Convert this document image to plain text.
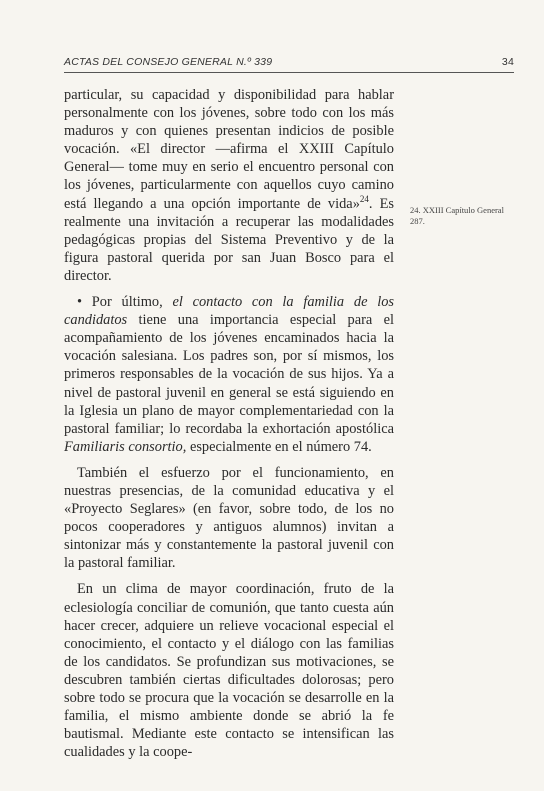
ACTAS DEL CONSEJO GENERAL N.º 339	34

particular, su capacidad y disponibilidad para hablar personalmente con los jóvenes, sobre todo con los más maduros y con quienes presentan indicios de posible vocación. «El director —afirma el XXIII Capítulo General— tome muy en serio el encuentro personal con los jóvenes, particularmente con aquellos cuyo camino está llegando a una opción importante de vida»$^{24}$. Es realmente una invitación a recuperar las modalidades pedagógicas propias del Sistema Preventivo y de la figura pastoral querida por san Juan Bosco para el director.

• Por último, el contacto con la familia de los candidatos tiene una importancia especial para el acompañamiento de los jóvenes encaminados hacia la vocación salesiana. Los padres son, por sí mismos, los primeros responsables de la vocación de sus hijos. Ya a nivel de pastoral juvenil en general se está siguiendo en la Iglesia un plano de mayor complementariedad con la pastoral familiar; lo recordaba la exhortación apostólica Familiaris consortio, especialmente en el número 74.

También el esfuerzo por el funcionamiento, en nuestras presencias, de la comunidad educativa y el «Proyecto Seglares» (en favor, sobre todo, de los no pocos cooperadores y antiguos alumnos) invitan a sintonizar más y constantemente la pastoral juvenil con la pastoral familiar.

En un clima de mayor coordinación, fruto de la eclesiología conciliar de comunión, que tanto cuesta aún hacer crecer, adquiere un relieve vocacional especial el conocimiento, el contacto y el diálogo con las familias de los candidatos. Se profundizan sus motivaciones, se descubren también ciertas dificultades dolorosas; pero sobre todo se procura que la vocación se desarrolle en la familia, el mismo ambiente donde se abrió la fe bautismal. Mediante este contacto se intensifican las cualidades y la coope-

24. XXIII Capítulo General 287.
